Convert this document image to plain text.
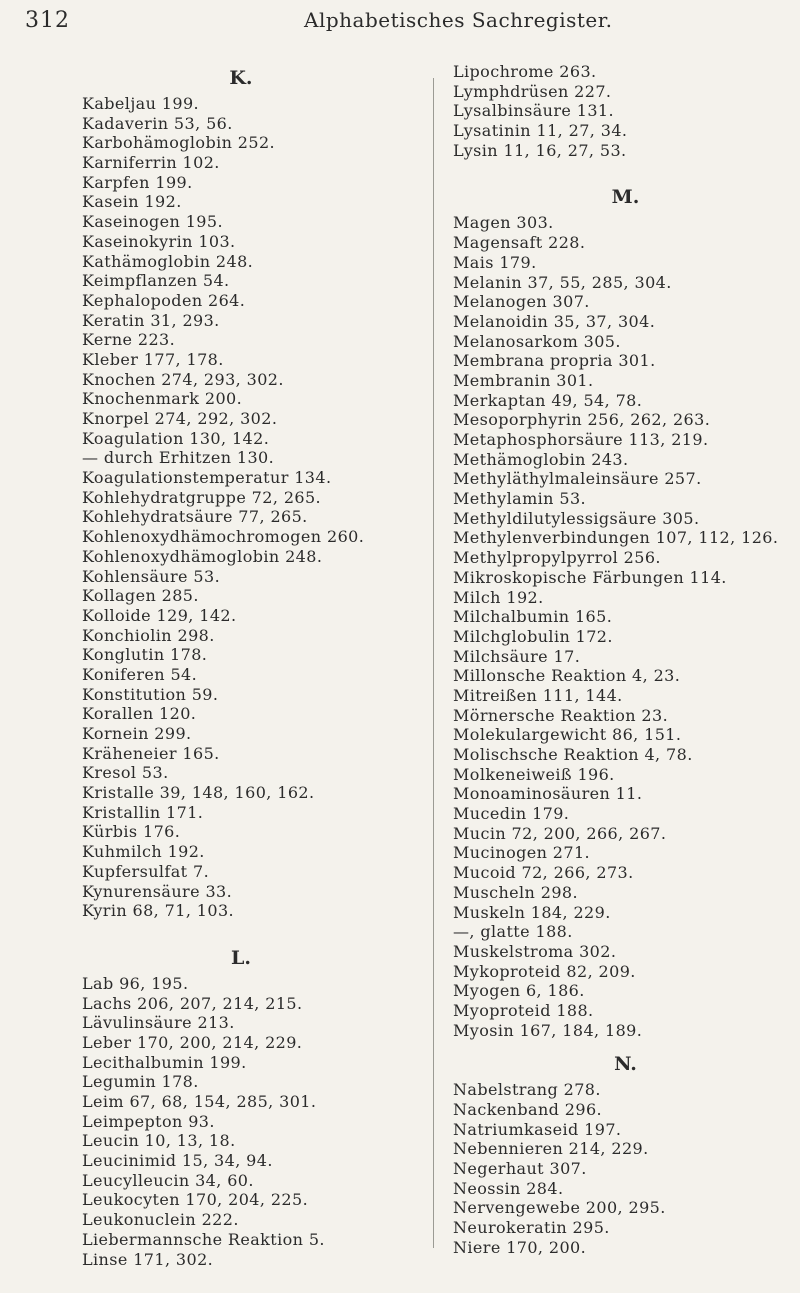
312	Alphabetisches Sachregister.
K.
Kabeljau 199.
Kadaverin 53, 56.
Karbohämoglobin 252.
Karniferrin 102.
Karpfen 199.
Kasein 192.
Kaseinogen 195.
Kaseinokyrin 103.
Kathämoglobin 248.
Keimpflanzen 54.
Kephalopoden 264.
Keratin 31, 293.
Kerne 223.
Kleber 177, 178.
Knochen 274, 293, 302.
Knochenmark 200.
Knorpel 274, 292, 302.
Koagulation 130, 142.
— durch Erhitzen 130.
Koagulationstemperatur 134.
Kohlehydratgruppe 72, 265.
Kohlehydratsäure 77, 265.
Kohlenoxydhämochromogen 260.
Kohlenoxydhämoglobin 248.
Kohlensäure 53.
Kollagen 285.
Kolloide 129, 142.
Konchiolin 298.
Konglutin 178.
Koniferen 54.
Konstitution 59.
Korallen 120.
Kornein 299.
Kräheneier 165.
Kresol 53.
Kristalle 39, 148, 160, 162.
Kristallin 171.
Kürbis 176.
Kuhmilch 192.
Kupfersulfat 7.
Kynurensäure 33.
Kyrin 68, 71, 103.
L.
Lab 96, 195.
Lachs 206, 207, 214, 215.
Lävulinsäure 213.
Leber 170, 200, 214, 229.
Lecithalbumin 199.
Legumin 178.
Leim 67, 68, 154, 285, 301.
Leimpepton 93.
Leucin 10, 13, 18.
Leucinimid 15, 34, 94.
Leucylleucin 34, 60.
Leukocyten 170, 204, 225.
Leukonuclein 222.
Liebermannsche Reaktion 5.
Linse 171, 302.
Lipochrome 263.
Lymphdrüsen 227.
Lysalbinsäure 131.
Lysatinin 11, 27, 34.
Lysin 11, 16, 27, 53.
M.
Magen 303.
Magensaft 228.
Mais 179.
Melanin 37, 55, 285, 304.
Melanogen 307.
Melanoidin 35, 37, 304.
Melanosarkom 305.
Membrana propria 301.
Membranin 301.
Merkaptan 49, 54, 78.
Mesoporphyrin 256, 262, 263.
Metaphosphorsäure 113, 219.
Methämoglobin 243.
Methyläthylmaleinsäure 257.
Methylamin 53.
Methyldilutylessigsäure 305.
Methylenverbindungen 107, 112, 126.
Methylpropylpyrrol 256.
Mikroskopische Färbungen 114.
Milch 192.
Milchalbumin 165.
Milchglobulin 172.
Milchsäure 17.
Millonsche Reaktion 4, 23.
Mitreißen 111, 144.
Mörnersche Reaktion 23.
Molekulargewicht 86, 151.
Molischsche Reaktion 4, 78.
Molkeneiweiß 196.
Monoaminosäuren 11.
Mucedin 179.
Mucin 72, 200, 266, 267.
Mucinogen 271.
Mucoid 72, 266, 273.
Muscheln 298.
Muskeln 184, 229.
—, glatte 188.
Muskelstroma 302.
Mykoproteid 82, 209.
Myogen 6, 186.
Myoproteid 188.
Myosin 167, 184, 189.
N.
Nabelstrang 278.
Nackenband 296.
Natriumkaseid 197.
Nebennieren 214, 229.
Negerhaut 307.
Neossin 284.
Nervengewebe 200, 295.
Neurokeratin 295.
Niere 170, 200.
